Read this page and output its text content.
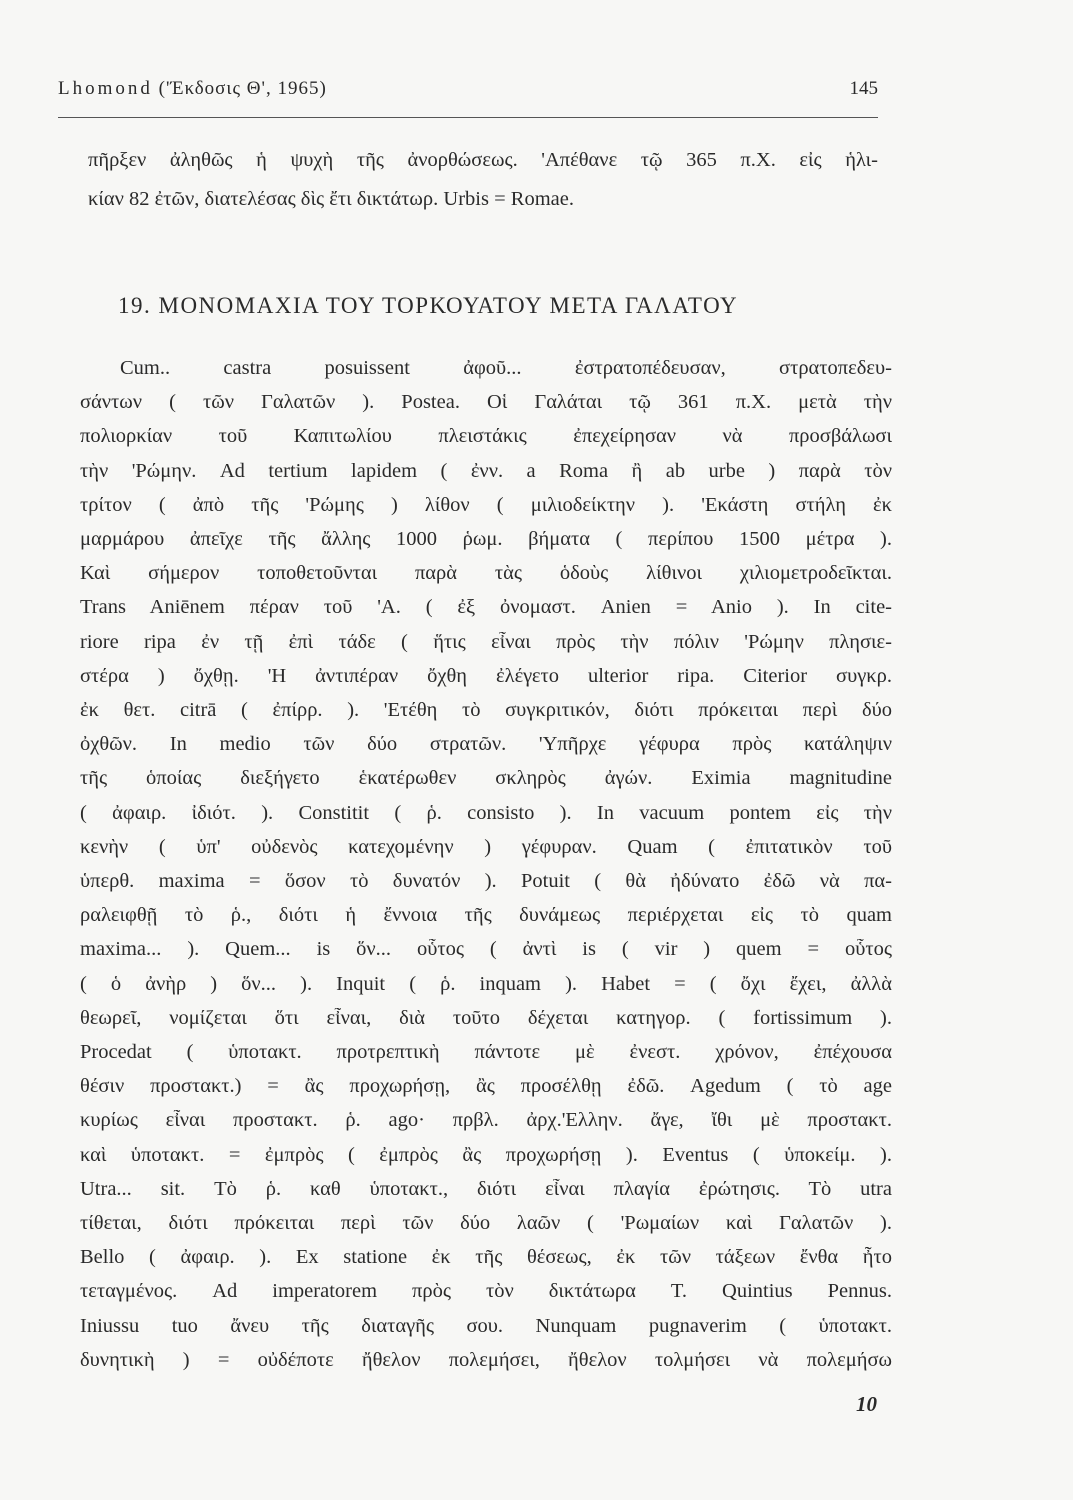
Lhomond ('Έκδοσις Θ', 1965)	145
πῆρξεν ἀληθῶς ἡ ψυχὴ τῆς ἀνορθώσεως. 'Απέθανε τῷ 365 π.Χ. εἰς ἡλι-
κίαν 82 ἐτῶν, διατελέσας δὶς ἔτι δικτάτωρ. Urbis = Romae.
19. ΜΟΝΟΜΑΧΙΑ ΤΟΥ ΤΟΡΚΟΥΑΤΟΥ ΜΕΤΑ ΓΑΛΑΤΟΥ
Cum.. castra posuissent ἀφοῦ... ἐστρατοπέδευσαν, στρατοπεδευ-
σάντων ( τῶν Γαλατῶν ). Postea. Οἱ Γαλάται τῷ 361 π.Χ. μετὰ τὴν
πολιορκίαν τοῦ Καπιτωλίου πλειστάκις ἐπεχείρησαν νὰ προσβάλωσι
τὴν 'Ρώμην. Ad tertium lapidem ( ἐνν. a Roma ἢ ab urbe ) παρὰ τὸν
τρίτον ( ἀπὸ τῆς 'Ρώμης ) λίθον ( μιλιοδείκτην ). 'Εκάστη στήλη ἐκ
μαρμάρου ἀπεῖχε τῆς ἄλλης 1000 ῥωμ. βήματα ( περίπου 1500 μέτρα ).
Καὶ σήμερον τοποθετοῦνται παρὰ τὰς ὁδοὺς λίθινοι χιλιομετροδεῖκται.
Trans Aniēnem πέραν τοῦ 'Α. ( ἐξ ὀνομαστ. Anien = Anio ). In cite-
riore ripa ἐν τῇ ἐπὶ τάδε ( ἥτις εἶναι πρὸς τὴν πόλιν 'Ρώμην πλησιε-
στέρα ) ὄχθῃ. 'Η ἀντιπέραν ὄχθη ἐλέγετο ulterior ripa. Citerior συγκρ.
ἐκ θετ. citrā ( ἐπίρρ. ). 'Ετέθη τὸ συγκριτικόν, διότι πρόκειται περὶ δύο
ὀχθῶν. In medio τῶν δύο στρατῶν. 'Υπῆρχε γέφυρα πρὸς κατάληψιν
τῆς ὁποίας διεξήγετο ἑκατέρωθεν σκληρὸς ἀγών. Eximia magnitudine
( ἀφαιρ. ἰδιότ. ). Constitit ( ῥ. consisto ). In vacuum pontem εἰς τὴν
κενὴν ( ὑπ' οὐδενὸς κατεχομένην ) γέφυραν. Quam ( ἐπιτατικὸν τοῦ
ὑπερθ. maxima = ὅσον τὸ δυνατόν ). Potuit ( θὰ ἠδύνατο ἐδῶ νὰ πα-
ραλειφθῇ τὸ ῥ., διότι ἡ ἔννοια τῆς δυνάμεως περιέρχεται εἰς τὸ quam
maxima... ). Quem... is ὅν... οὗτος ( ἀντὶ is ( vir ) quem = οὗτος
( ὁ ἀνὴρ ) ὅν... ). Inquit ( ῥ. inquam ). Habet = ( ὄχι ἔχει, ἀλλὰ
θεωρεῖ, νομίζεται ὅτι εἶναι, διὰ τοῦτο δέχεται κατηγορ. ( fortissimum ).
Procedat ( ὑποτακτ. προτρεπτικὴ πάντοτε μὲ ἐνεστ. χρόνον, ἐπέχουσα
θέσιν προστακτ.) = ἂς προχωρήσῃ, ἂς προσέλθῃ ἐδῶ. Agedum ( τὸ age
κυρίως εἶναι προστακτ. ῥ. ago· πρβλ. ἀρχ.'Ελλην. ἄγε, ἴθι μὲ προστακτ.
καὶ ὑποτακτ. = ἐμπρὸς ( ἐμπρὸς ἂς προχωρήσῃ ). Eventus ( ὑποκείμ. ).
Utra... sit. Τὸ ῥ. καθ ὑποτακτ., διότι εἶναι πλαγία ἐρώτησις. Τὸ utra
τίθεται, διότι πρόκειται περὶ τῶν δύο λαῶν ( 'Ρωμαίων καὶ Γαλατῶν ).
Bello ( ἀφαιρ. ). Ex statione ἐκ τῆς θέσεως, ἐκ τῶν τάξεων ἔνθα ἦτο
τεταγμένος. Ad imperatorem πρὸς τὸν δικτάτωρα T. Quintius Pennus.
Iniussu tuo ἄνευ τῆς διαταγῆς σου. Nunquam pugnaverim ( ὑποτακτ.
δυνητικὴ ) = οὐδέποτε ἤθελον πολεμήσει, ἤθελον τολμήσει νὰ πολεμήσω
10
